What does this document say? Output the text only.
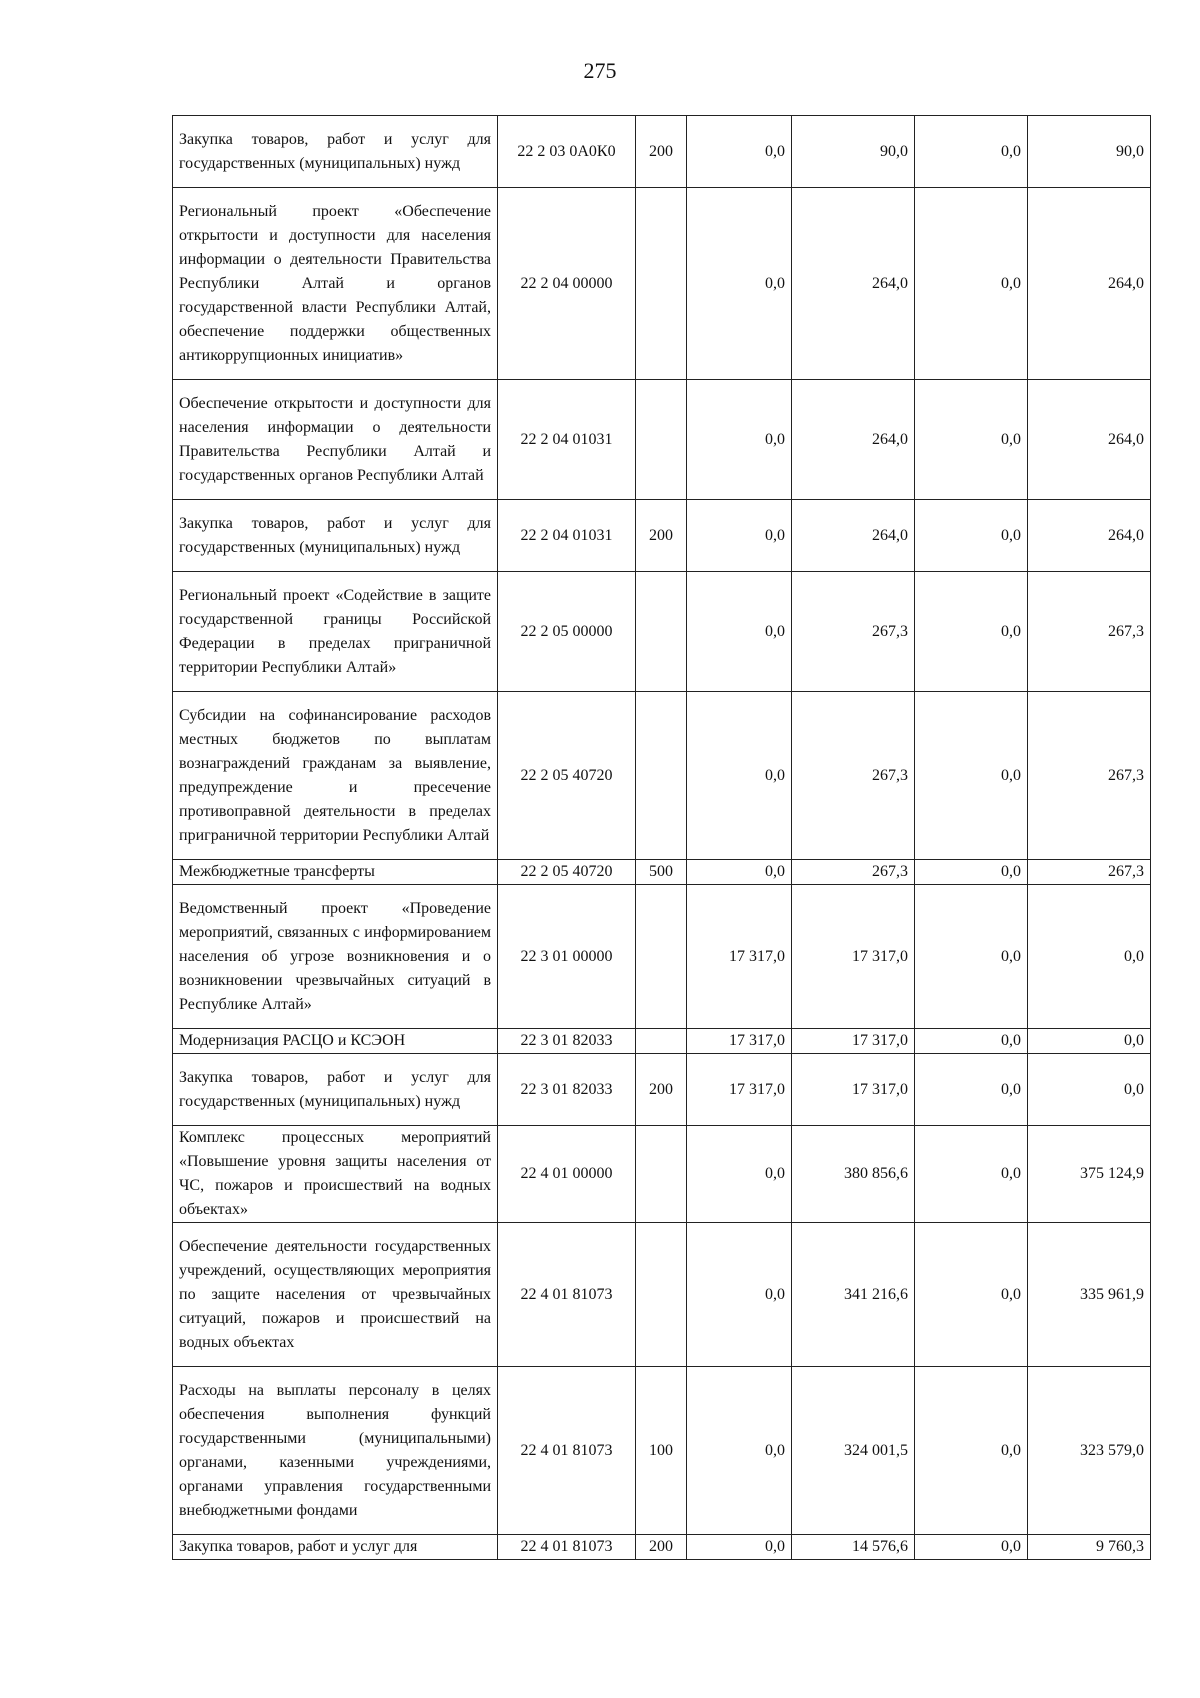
275
Закупка товаров, работ и услуг для государственных (муниципальных) нужд	22 2 03 0А0К0	200	0,0	90,0	0,0	90,0
Региональный проект «Обеспечение открытости и доступности для населения информации о деятельности Правительства Республики Алтай и органов государственной власти Республики Алтай, обеспечение поддержки общественных антикоррупционных инициатив»	22 2 04 00000		0,0	264,0	0,0	264,0
Обеспечение открытости и доступности для населения информации о деятельности Правительства Республики Алтай и государственных органов Республики Алтай	22 2 04 01031		0,0	264,0	0,0	264,0
Закупка товаров, работ и услуг для государственных (муниципальных) нужд	22 2 04 01031	200	0,0	264,0	0,0	264,0
Региональный проект «Содействие в защите государственной границы Российской Федерации в пределах приграничной территории Республики Алтай»	22 2 05 00000		0,0	267,3	0,0	267,3
Субсидии на софинансирование расходов местных бюджетов по выплатам вознаграждений гражданам за выявление, предупреждение и пресечение противоправной деятельности в пределах приграничной территории Республики Алтай	22 2 05 40720		0,0	267,3	0,0	267,3
Межбюджетные трансферты	22 2 05 40720	500	0,0	267,3	0,0	267,3
Ведомственный проект «Проведение мероприятий, связанных с информированием населения об угрозе возникновения и о возникновении чрезвычайных ситуаций в Республике Алтай»	22 3 01 00000		17 317,0	17 317,0	0,0	0,0
Модернизация РАСЦО и КСЭОН	22 3 01 82033		17 317,0	17 317,0	0,0	0,0
Закупка товаров, работ и услуг для государственных (муниципальных) нужд	22 3 01 82033	200	17 317,0	17 317,0	0,0	0,0
Комплекс процессных мероприятий «Повышение уровня защиты населения от ЧС, пожаров и происшествий на водных объектах»	22 4 01 00000		0,0	380 856,6	0,0	375 124,9
Обеспечение деятельности государственных учреждений, осуществляющих мероприятия по защите населения от чрезвычайных ситуаций, пожаров и происшествий на водных объектах	22 4 01 81073		0,0	341 216,6	0,0	335 961,9
Расходы на выплаты персоналу в целях обеспечения выполнения функций государственными (муниципальными) органами, казенными учреждениями, органами управления государственными внебюджетными фондами	22 4 01 81073	100	0,0	324 001,5	0,0	323 579,0
Закупка товаров, работ и услуг для	22 4 01 81073	200	0,0	14 576,6	0,0	9 760,3
